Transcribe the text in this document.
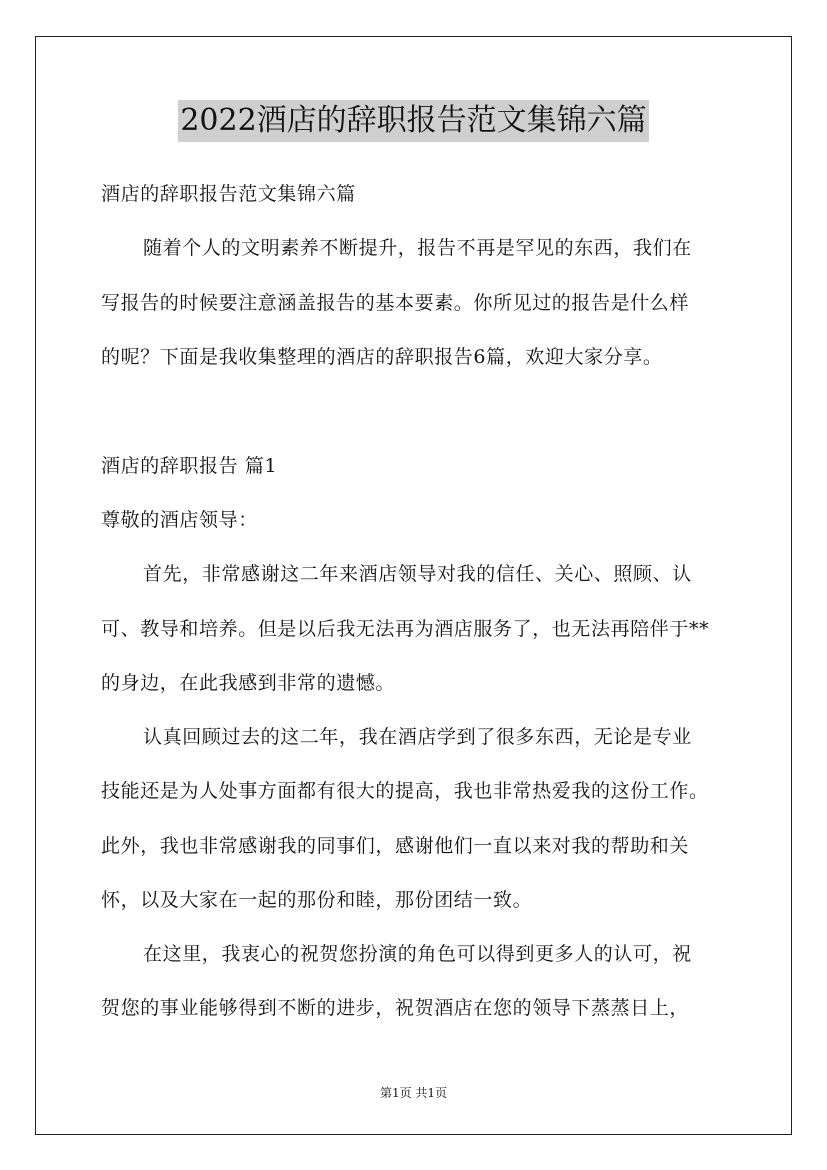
2022酒店的辞职报告范文集锦六篇
酒店的辞职报告范文集锦六篇
随着个人的文明素养不断提升，报告不再是罕见的东西，我们在
写报告的时候要注意涵盖报告的基本要素。你所见过的报告是什么样
的呢？下面是我收集整理的酒店的辞职报告6篇，欢迎大家分享。
酒店的辞职报告 篇1
尊敬的酒店领导：
首先，非常感谢这二年来酒店领导对我的信任、关心、照顾、认
可、教导和培养。但是以后我无法再为酒店服务了，也无法再陪伴于**
的身边，在此我感到非常的遗憾。
认真回顾过去的这二年，我在酒店学到了很多东西，无论是专业
技能还是为人处事方面都有很大的提高，我也非常热爱我的这份工作。
此外，我也非常感谢我的同事们，感谢他们一直以来对我的帮助和关
怀，以及大家在一起的那份和睦，那份团结一致。
在这里，我衷心的祝贺您扮演的角色可以得到更多人的认可，祝
贺您的事业能够得到不断的进步，祝贺酒店在您的领导下蒸蒸日上，
第1页 共1页
